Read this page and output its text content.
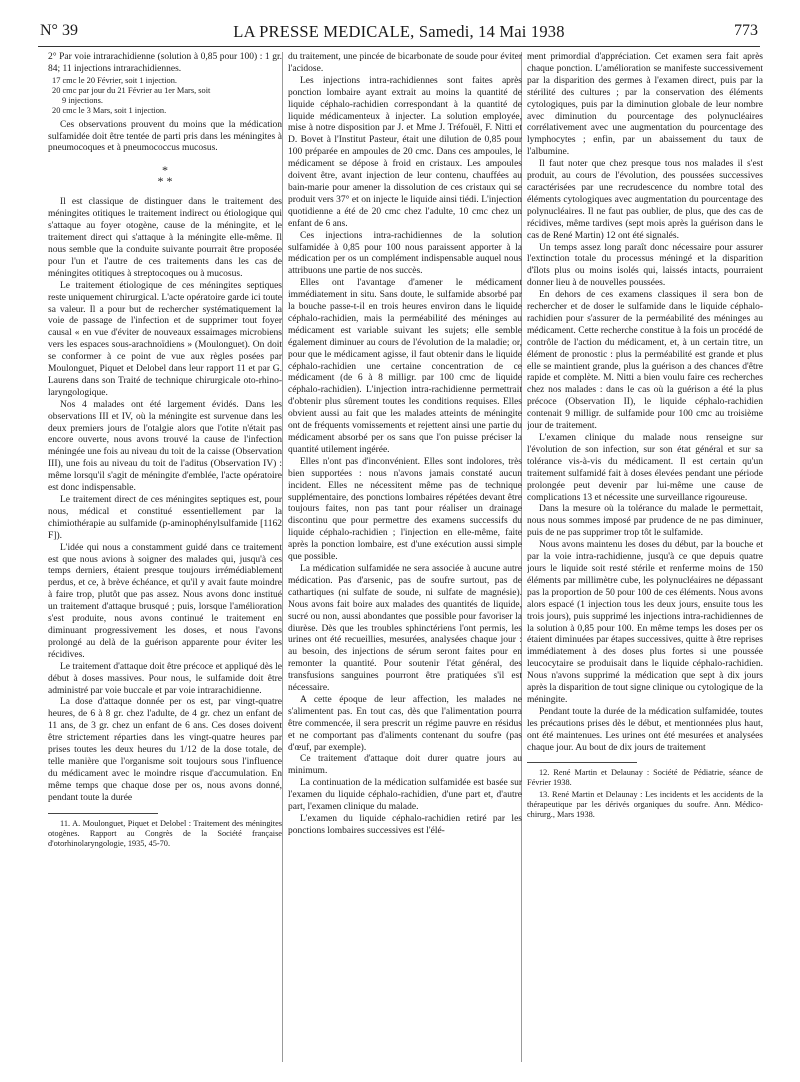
N° 39	LA PRESSE MEDICALE, Samedi, 14 Mai 1938	773

2° Par voie intrarachidienne (solution à 0,85 pour 100) : 1 gr. 84; 11 injections intrarachidiennes.

17 cmc le 20 Février, soit 1 injection.
20 cmc par jour du 21 Février au 1er Mars, soit
9 injections.
20 cmc le 3 Mars, soit 1 injection.

Ces observations prouvent du moins que la médication sulfamidée doit être tentée de parti pris dans les méningites à pneumocoques et à pneumococcus mucosus.

*
* *

Il est classique de distinguer dans le traitement des méningites otitiques le traitement indirect ou étiologique qui s'attaque au foyer otogène, cause de la méningite, et le traitement direct qui s'attaque à la méningite elle-même. Il nous semble que la conduite suivante pourrait être proposée pour l'un et l'autre de ces traitements dans les cas de méningites otitiques à streptocoques ou à mucosus.

Le traitement étiologique de ces méningites septiques reste uniquement chirurgical. L'acte opératoire garde ici toute sa valeur. Il a pour but de rechercher systématiquement la voie de passage de l'infection et de supprimer tout foyer causal « en vue d'éviter de nouveaux essaimages microbiens vers les espaces sous-arachnoïdiens » (Moulonguet). On doit se conformer à ce point de vue aux règles posées par Moulonguet, Piquet et Delobel dans leur rapport 11 et par G. Laurens dans son Traité de technique chirurgicale oto-rhino-laryngologique.

Nos 4 malades ont été largement évidés. Dans les observations III et IV, où la méningite est survenue dans les deux premiers jours de l'otalgie alors que l'otite n'était pas encore ouverte, nous avons trouvé la cause de l'infection méningée une fois au niveau du toit de la caisse (Observation III), une fois au niveau du toit de l'aditus (Observation IV) : même lorsqu'il s'agit de méningite d'emblée, l'acte opératoire est donc indispensable.

Le traitement direct de ces méningites septiques est, pour nous, médical et constitué essentiellement par la chimiothérapie au sulfamide (p-aminophénylsulfamide [1162 F]).

L'idée qui nous a constamment guidé dans ce traitement est que nous avions à soigner des malades qui, jusqu'à ces temps derniers, étaient presque toujours irrémédiablement perdus, et ce, à brève échéance, et qu'il y avait faute moindre à faire trop, plutôt que pas assez. Nous avons donc institué un traitement d'attaque brusqué ; puis, lorsque l'amélioration s'est produite, nous avons continué le traitement en diminuant progressivement les doses, et nous l'avons prolongé au delà de la guérison apparente pour éviter les récidives.

Le traitement d'attaque doit être précoce et appliqué dès le début à doses massives. Pour nous, le sulfamide doit être administré par voie buccale et par voie intrarachidienne.

La dose d'attaque donnée per os est, par vingt-quatre heures, de 6 à 8 gr. chez l'adulte, de 4 gr. chez un enfant de 11 ans, de 3 gr. chez un enfant de 6 ans. Ces doses doivent être strictement réparties dans les vingt-quatre heures par prises toutes les deux heures du 1/12 de la dose totale, de telle manière que l'organisme soit toujours sous l'influence du médicament avec le moindre risque d'accumulation. En même temps que chaque dose per os, nous avons donné, pendant toute la durée

11. A. Moulonguet, Piquet et Delobel : Traitement des méningites otogènes. Rapport au Congrès de la Société française d'otorhinolaryngologie, 1935, 45-70.

du traitement, une pincée de bicarbonate de soude pour éviter l'acidose.

Les injections intra-rachidiennes sont faites après ponction lombaire ayant extrait au moins la quantité de liquide céphalo-rachidien correspondant à la quantité de liquide médicamenteux à injecter. La solution employée, mise à notre disposition par J. et Mme J. Tréfouël, F. Nitti et D. Bovet à l'Institut Pasteur, était une dilution de 0,85 pour 100 préparée en ampoules de 20 cmc. Dans ces ampoules, le médicament se dépose à froid en cristaux. Les ampoules doivent être, avant injection de leur contenu, chauffées au bain-marie pour amener la dissolution de ces cristaux qui se produit vers 37° et on injecte le liquide ainsi tiédi. L'injection quotidienne a été de 20 cmc chez l'adulte, 10 cmc chez un enfant de 6 ans.

Ces injections intra-rachidiennes de la solution sulfamidée à 0,85 pour 100 nous paraissent apporter à la médication per os un complément indispensable auquel nous attribuons une partie de nos succès.

Elles ont l'avantage d'amener le médicament immédiatement in situ. Sans doute, le sulfamide absorbé par la bouche passe-t-il en trois heures environ dans le liquide céphalo-rachidien, mais la perméabilité des méninges au médicament est variable suivant les sujets; elle semble également diminuer au cours de l'évolution de la maladie; or, pour que le médicament agisse, il faut obtenir dans le liquide céphalo-rachidien une certaine concentration de ce médicament (de 6 à 8 milligr. par 100 cmc de liquide céphalo-rachidien). L'injection intra-rachidienne permettrait d'obtenir plus sûrement toutes les conditions requises. Elles obvient aussi au fait que les malades atteints de méningite ont de fréquents vomissements et rejettent ainsi une partie du médicament absorbé per os sans que l'on puisse préciser la quantité utilement ingérée.

Elles n'ont pas d'inconvénient. Elles sont indolores, très bien supportées : nous n'avons jamais constaté aucun incident. Elles ne nécessitent même pas de technique supplémentaire, des ponctions lombaires répétées devant être toujours faites, non pas tant pour réaliser un drainage discontinu que pour permettre des examens successifs du liquide céphalo-rachidien ; l'injection en elle-même, faite après la ponction lombaire, est d'une exécution aussi simple que possible.

La médication sulfamidée ne sera associée à aucune autre médication. Pas d'arsenic, pas de soufre surtout, pas de cathartiques (ni sulfate de soude, ni sulfate de magnésie). Nous avons fait boire aux malades des quantités de liquide, sucré ou non, aussi abondantes que possible pour favoriser la diurèse. Dès que les troubles sphinctériens l'ont permis, les urines ont été recueillies, mesurées, analysées chaque jour : au besoin, des injections de sérum seront faites pour en remonter la quantité. Pour soutenir l'état général, des transfusions sanguines pourront être pratiquées s'il est nécessaire.

A cette époque de leur affection, les malades ne s'alimentent pas. En tout cas, dès que l'alimentation pourra être commencée, il sera prescrit un régime pauvre en résidus et ne comportant pas d'aliments contenant du soufre (pas d'œuf, par exemple).

Ce traitement d'attaque doit durer quatre jours au minimum.

La continuation de la médication sulfamidée est basée sur l'examen du liquide céphalo-rachidien, d'une part et, d'autre part, l'examen clinique du malade.

L'examen du liquide céphalo-rachidien retiré par les ponctions lombaires successives est l'élé-

ment primordial d'appréciation. Cet examen sera fait après chaque ponction. L'amélioration se manifeste successivement par la disparition des germes à l'examen direct, puis par la stérilité des cultures ; par la conservation des éléments cytologiques, puis par la diminution globale de leur nombre avec diminution du pourcentage des polynucléaires corrélativement avec une augmentation du pourcentage des lymphocytes ; enfin, par un abaissement du taux de l'albumine.

Il faut noter que chez presque tous nos malades il s'est produit, au cours de l'évolution, des poussées successives caractérisées par une recrudescence du nombre total des éléments cytologiques avec augmentation du pourcentage des polynucléaires. Il ne faut pas oublier, de plus, que des cas de récidives, même tardives (sept mois après la guérison dans le cas de René Martin) 12 ont été signalés.

Un temps assez long paraît donc nécessaire pour assurer l'extinction totale du processus méningé et la disparition d'îlots plus ou moins isolés qui, laissés intacts, pourraient donner lieu à de nouvelles poussées.

En dehors de ces examens classiques il sera bon de rechercher et de doser le sulfamide dans le liquide céphalo-rachidien pour s'assurer de la perméabilité des méninges au médicament. Cette recherche constitue à la fois un procédé de contrôle de l'action du médicament, et, à un certain titre, un élément de pronostic : plus la perméabilité est grande et plus elle se maintient grande, plus la guérison a des chances d'être rapide et complète. M. Nitti a bien voulu faire ces recherches chez nos malades : dans le cas où la guérison a été la plus précoce (Observation II), le liquide céphalo-rachidien contenait 9 milligr. de sulfamide pour 100 cmc au troisième jour de traitement.

L'examen clinique du malade nous renseigne sur l'évolution de son infection, sur son état général et sur sa tolérance vis-à-vis du médicament. Il est certain qu'un traitement sulfamidé fait à doses élevées pendant une période prolongée peut devenir par lui-même une cause de complications 13 et nécessite une surveillance rigoureuse.

Dans la mesure où la tolérance du malade le permettait, nous nous sommes imposé par prudence de ne pas diminuer, puis de ne pas supprimer trop tôt le sulfamide.

Nous avons maintenu les doses du début, par la bouche et par la voie intra-rachidienne, jusqu'à ce que depuis quatre jours le liquide soit resté stérile et renferme moins de 150 éléments par millimètre cube, les polynucléaires ne dépassant pas la proportion de 50 pour 100 de ces éléments. Nous avons alors espacé (1 injection tous les deux jours, ensuite tous les trois jours), puis supprimé les injections intra-rachidiennes de la solution à 0,85 pour 100. En même temps les doses per os étaient diminuées par étapes successives, quitte à être reprises immédiatement à des doses plus fortes si une poussée leucocytaire se produisait dans le liquide céphalo-rachidien. Nous n'avons supprimé la médication que sept à dix jours après la disparition de tout signe clinique ou cytologique de la méningite.

Pendant toute la durée de la médication sulfamidée, toutes les précautions prises dès le début, et mentionnées plus haut, ont été maintenues. Les urines ont été mesurées et analysées chaque jour. Au bout de dix jours de traitement

12. René Martin et Delaunay : Société de Pédiatrie, séance de Février 1938.

13. René Martin et Delaunay : Les incidents et les accidents de la thérapeutique par les dérivés organiques du soufre. Ann. Médico-chirurg., Mars 1938.
